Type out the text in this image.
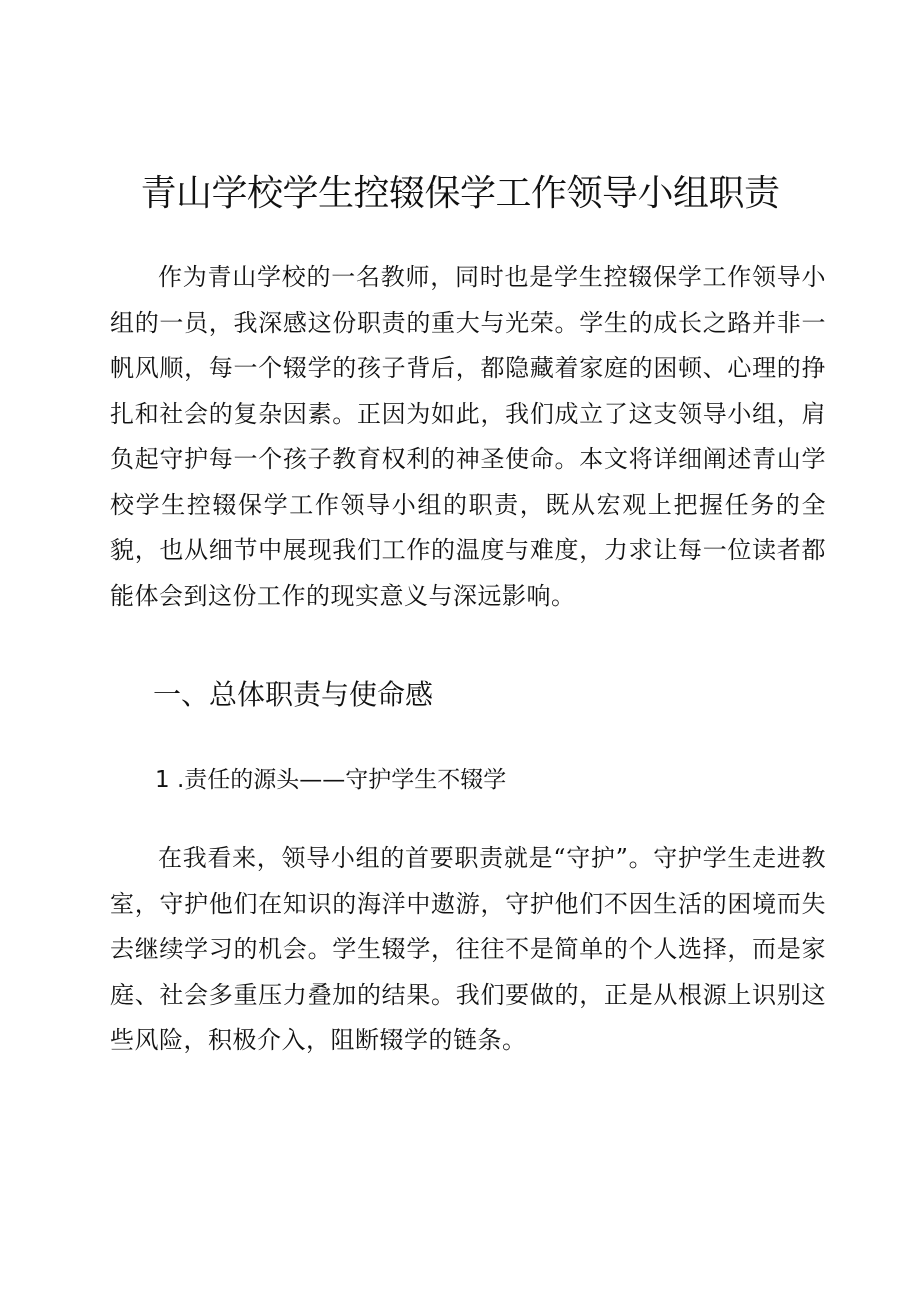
青山学校学生控辍保学工作领导小组职责

作为青山学校的一名教师，同时也是学生控辍保学工作领导小组的一员，我深感这份职责的重大与光荣。学生的成长之路并非一帆风顺，每一个辍学的孩子背后，都隐藏着家庭的困顿、心理的挣扎和社会的复杂因素。正因为如此，我们成立了这支领导小组，肩负起守护每一个孩子教育权利的神圣使命。本文将详细阐述青山学校学生控辍保学工作领导小组的职责，既从宏观上把握任务的全貌，也从细节中展现我们工作的温度与难度，力求让每一位读者都能体会到这份工作的现实意义与深远影响。

一、总体职责与使命感
1 .责任的源头——守护学生不辍学

在我看来，领导小组的首要职责就是“守护”。守护学生走进教室，守护他们在知识的海洋中遨游，守护他们不因生活的困境而失去继续学习的机会。学生辍学，往往不是简单的个人选择，而是家庭、社会多重压力叠加的结果。我们要做的，正是从根源上识别这些风险，积极介入，阻断辍学的链条。
